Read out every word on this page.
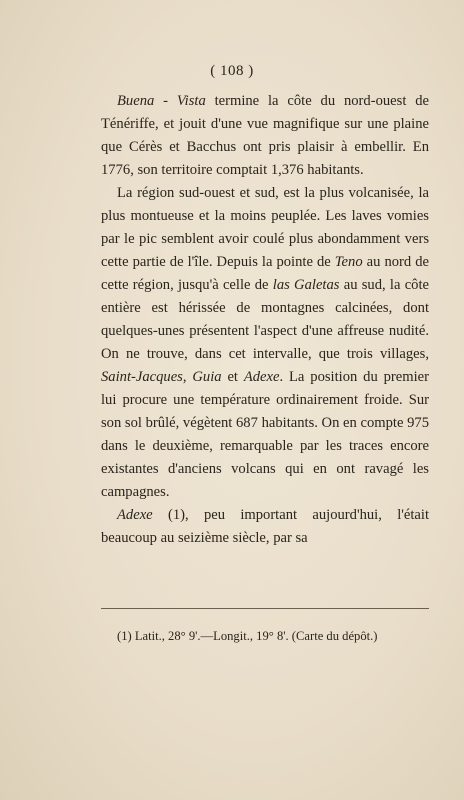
( 108 )

Buena - Vista termine la côte du nord-ouest de Ténériffe, et jouit d'une vue magnifique sur une plaine que Cérès et Bacchus ont pris plaisir à embellir. En 1776, son territoire comptait 1,376 habitants.

La région sud-ouest et sud, est la plus volcanisée, la plus montueuse et la moins peuplée. Les laves vomies par le pic semblent avoir coulé plus abondamment vers cette partie de l'île. Depuis la pointe de Teno au nord de cette région, jusqu'à celle de las Galetas au sud, la côte entière est hérissée de montagnes calcinées, dont quelques-unes présentent l'aspect d'une affreuse nudité. On ne trouve, dans cet intervalle, que trois villages, Saint-Jacques, Guia et Adexe. La position du premier lui procure une température ordinairement froide. Sur son sol brûlé, végètent 687 habitants. On en compte 975 dans le deuxième, remarquable par les traces encore existantes d'anciens volcans qui en ont ravagé les campagnes.

Adexe (1), peu important aujourd'hui, l'était beaucoup au seizième siècle, par sa

(1) Latit., 28° 9'.—Longit., 19° 8'. (Carte du dépôt.)
